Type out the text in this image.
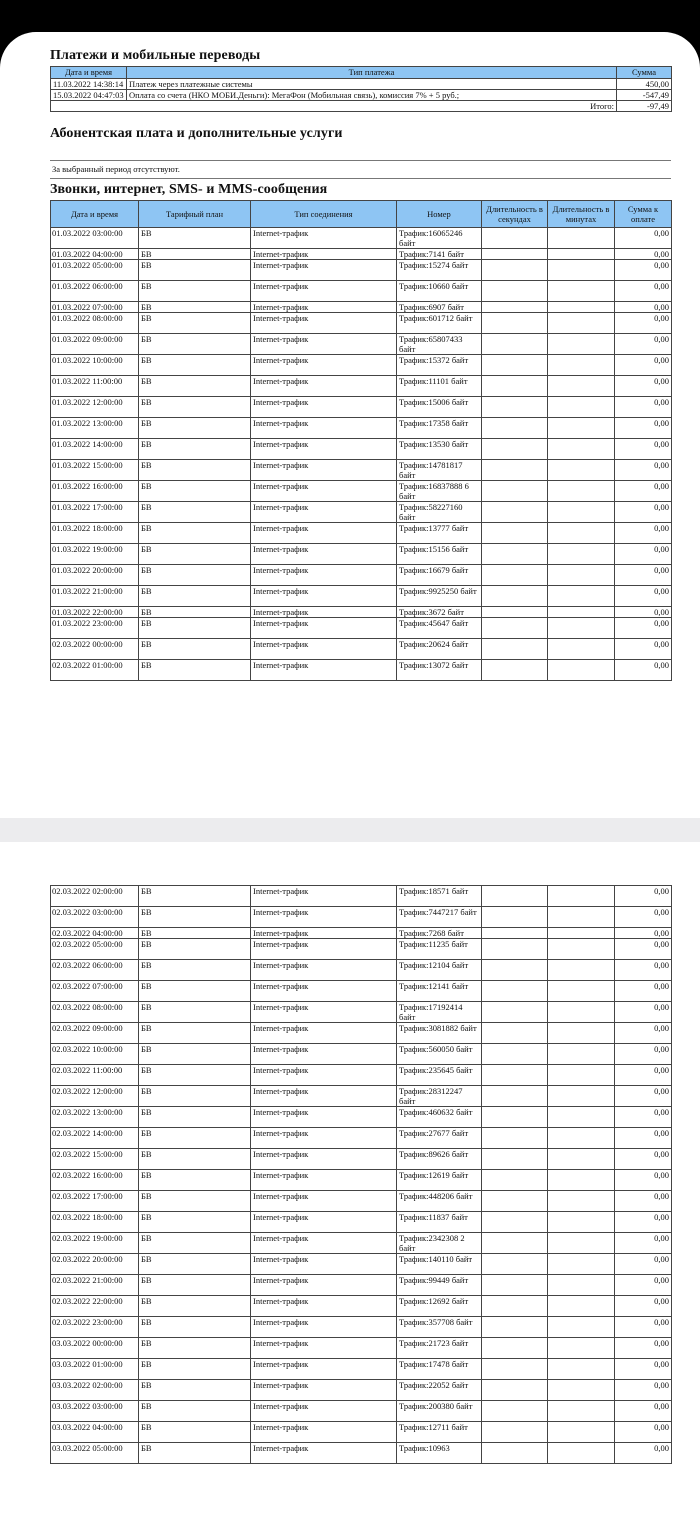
Платежи и мобильные переводы
Дата и время	Тип платежа	Сумма
11.03.2022 14:38:14	Платеж через платежные системы	450,00
15.03.2022 04:47:03	Оплата со счета (НКО МОБИ.Деньги): МегаФон (Мобильная связь), комиссия 7% + 5 руб.;	-547,49
Итого:		-97,49
Абонентская плата и дополнительные услуги
За выбранный период отсутствуют.
Звонки, интернет, SMS- и MMS-сообщения
Дата и время	Тарифный план	Тип соединения	Номер	Длительность в секундах	Длительность в минутах	Сумма к оплате
01.03.2022 03:00:00	БВ	Internet-трафик	Трафик:16065246 байт			0,00
01.03.2022 04:00:00	БВ	Internet-трафик	Трафик:7141 байт			0,00
01.03.2022 05:00:00	БВ	Internet-трафик	Трафик:15274 байт			0,00
01.03.2022 06:00:00	БВ	Internet-трафик	Трафик:10660 байт			0,00
01.03.2022 07:00:00	БВ	Internet-трафик	Трафик:6907 байт			0,00
01.03.2022 08:00:00	БВ	Internet-трафик	Трафик:601712 байт			0,00
01.03.2022 09:00:00	БВ	Internet-трафик	Трафик:65807433 байт			0,00
01.03.2022 10:00:00	БВ	Internet-трафик	Трафик:15372 байт			0,00
01.03.2022 11:00:00	БВ	Internet-трафик	Трафик:11101 байт			0,00
01.03.2022 12:00:00	БВ	Internet-трафик	Трафик:15006 байт			0,00
01.03.2022 13:00:00	БВ	Internet-трафик	Трафик:17358 байт			0,00
01.03.2022 14:00:00	БВ	Internet-трафик	Трафик:13530 байт			0,00
01.03.2022 15:00:00	БВ	Internet-трафик	Трафик:14781817 байт			0,00
01.03.2022 16:00:00	БВ	Internet-трафик	Трафик:16837888 6 байт			0,00
01.03.2022 17:00:00	БВ	Internet-трафик	Трафик:58227160 байт			0,00
01.03.2022 18:00:00	БВ	Internet-трафик	Трафик:13777 байт			0,00
01.03.2022 19:00:00	БВ	Internet-трафик	Трафик:15156 байт			0,00
01.03.2022 20:00:00	БВ	Internet-трафик	Трафик:16679 байт			0,00
01.03.2022 21:00:00	БВ	Internet-трафик	Трафик:9925250 байт			0,00
01.03.2022 22:00:00	БВ	Internet-трафик	Трафик:3672 байт			0,00
01.03.2022 23:00:00	БВ	Internet-трафик	Трафик:45647 байт			0,00
02.03.2022 00:00:00	БВ	Internet-трафик	Трафик:20624 байт			0,00
02.03.2022 01:00:00	БВ	Internet-трафик	Трафик:13072 байт			0,00
02.03.2022 02:00:00	БВ	Internet-трафик	Трафик:18571 байт			0,00
02.03.2022 03:00:00	БВ	Internet-трафик	Трафик:7447217 байт			0,00
02.03.2022 04:00:00	БВ	Internet-трафик	Трафик:7268 байт			0,00
02.03.2022 05:00:00	БВ	Internet-трафик	Трафик:11235 байт			0,00
02.03.2022 06:00:00	БВ	Internet-трафик	Трафик:12104 байт			0,00
02.03.2022 07:00:00	БВ	Internet-трафик	Трафик:12141 байт			0,00
02.03.2022 08:00:00	БВ	Internet-трафик	Трафик:17192414 байт			0,00
02.03.2022 09:00:00	БВ	Internet-трафик	Трафик:3081882 байт			0,00
02.03.2022 10:00:00	БВ	Internet-трафик	Трафик:560050 байт			0,00
02.03.2022 11:00:00	БВ	Internet-трафик	Трафик:235645 байт			0,00
02.03.2022 12:00:00	БВ	Internet-трафик	Трафик:28312247 байт			0,00
02.03.2022 13:00:00	БВ	Internet-трафик	Трафик:460632 байт			0,00
02.03.2022 14:00:00	БВ	Internet-трафик	Трафик:27677 байт			0,00
02.03.2022 15:00:00	БВ	Internet-трафик	Трафик:89626 байт			0,00
02.03.2022 16:00:00	БВ	Internet-трафик	Трафик:12619 байт			0,00
02.03.2022 17:00:00	БВ	Internet-трафик	Трафик:448206 байт			0,00
02.03.2022 18:00:00	БВ	Internet-трафик	Трафик:11837 байт			0,00
02.03.2022 19:00:00	БВ	Internet-трафик	Трафик:2342308 2 байт			0,00
02.03.2022 20:00:00	БВ	Internet-трафик	Трафик:140110 байт			0,00
02.03.2022 21:00:00	БВ	Internet-трафик	Трафик:99449 байт			0,00
02.03.2022 22:00:00	БВ	Internet-трафик	Трафик:12692 байт			0,00
02.03.2022 23:00:00	БВ	Internet-трафик	Трафик:357708 байт			0,00
03.03.2022 00:00:00	БВ	Internet-трафик	Трафик:21723 байт			0,00
03.03.2022 01:00:00	БВ	Internet-трафик	Трафик:17478 байт			0,00
03.03.2022 02:00:00	БВ	Internet-трафик	Трафик:22052 байт			0,00
03.03.2022 03:00:00	БВ	Internet-трафик	Трафик:200380 байт			0,00
03.03.2022 04:00:00	БВ	Internet-трафик	Трафик:12711 байт			0,00
03.03.2022 05:00:00	БВ	Internet-трафик	Трафик:10963			0,00
